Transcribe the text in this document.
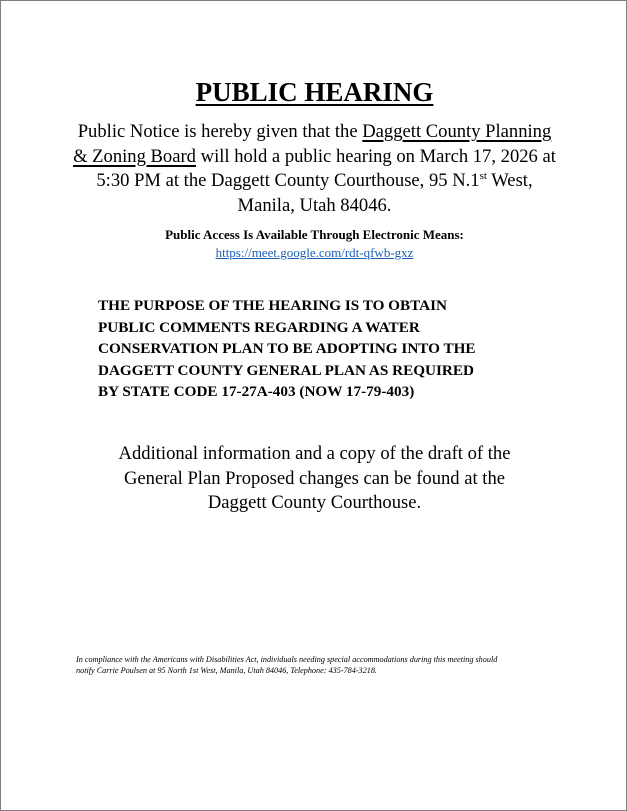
PUBLIC HEARING
Public Notice is hereby given that the Daggett County Planning & Zoning Board will hold a public hearing on March 17, 2026 at 5:30 PM at the Daggett County Courthouse, 95 N.1st West, Manila, Utah 84046.
Public Access Is Available Through Electronic Means:
https://meet.google.com/rdt-qfwb-gxz
THE PURPOSE OF THE HEARING IS TO OBTAIN
PUBLIC COMMENTS REGARDING A WATER
CONSERVATION PLAN TO BE ADOPTING INTO THE
DAGGETT COUNTY GENERAL PLAN AS REQUIRED
BY STATE CODE 17-27A-403 (NOW 17-79-403)
Additional information and a copy of the draft of the
General Plan Proposed changes can be found at the
Daggett County Courthouse.
In compliance with the Americans with Disabilities Act, individuals needing special accommodations during this meeting should
notify Carrie Poulsen at 95 North 1st West, Manila, Utah 84046, Telephone: 435-784-3218.
